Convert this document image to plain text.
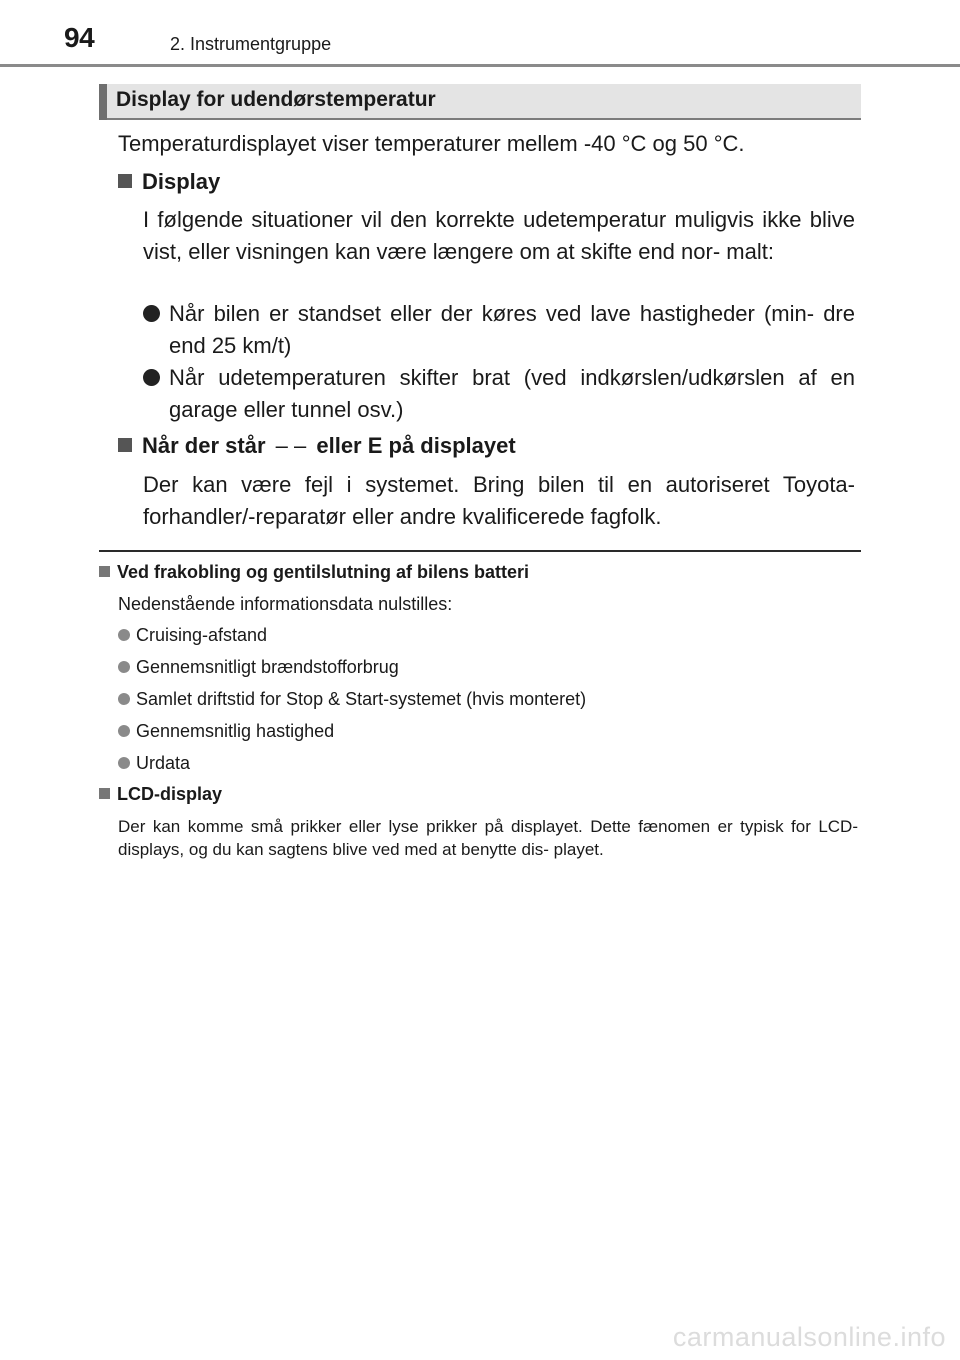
94	2. Instrumentgruppe
Display for udendørstemperatur
Temperaturdisplayet viser temperaturer mellem -40 °C og 50 °C.
Display
I følgende situationer vil den korrekte udetemperatur muligvis ikke blive vist, eller visningen kan være længere om at skifte end nor- malt:
Når bilen er standset eller der køres ved lave hastigheder (min- dre end 25 km/t)
Når udetemperaturen skifter brat (ved indkørslen/udkørslen af en garage eller tunnel osv.)
Når der står – – eller E på displayet
Der kan være fejl i systemet. Bring bilen til en autoriseret Toyota- forhandler/-reparatør eller andre kvalificerede fagfolk.
Ved frakobling og gentilslutning af bilens batteri
Nedenstående informationsdata nulstilles:
Cruising-afstand
Gennemsnitligt brændstofforbrug
Samlet driftstid for Stop & Start-systemet (hvis monteret)
Gennemsnitlig hastighed
Urdata
LCD-display
Der kan komme små prikker eller lyse prikker på displayet. Dette fænomen er typisk for LCD-displays, og du kan sagtens blive ved med at benytte dis- playet.
carmanualsonline.info
